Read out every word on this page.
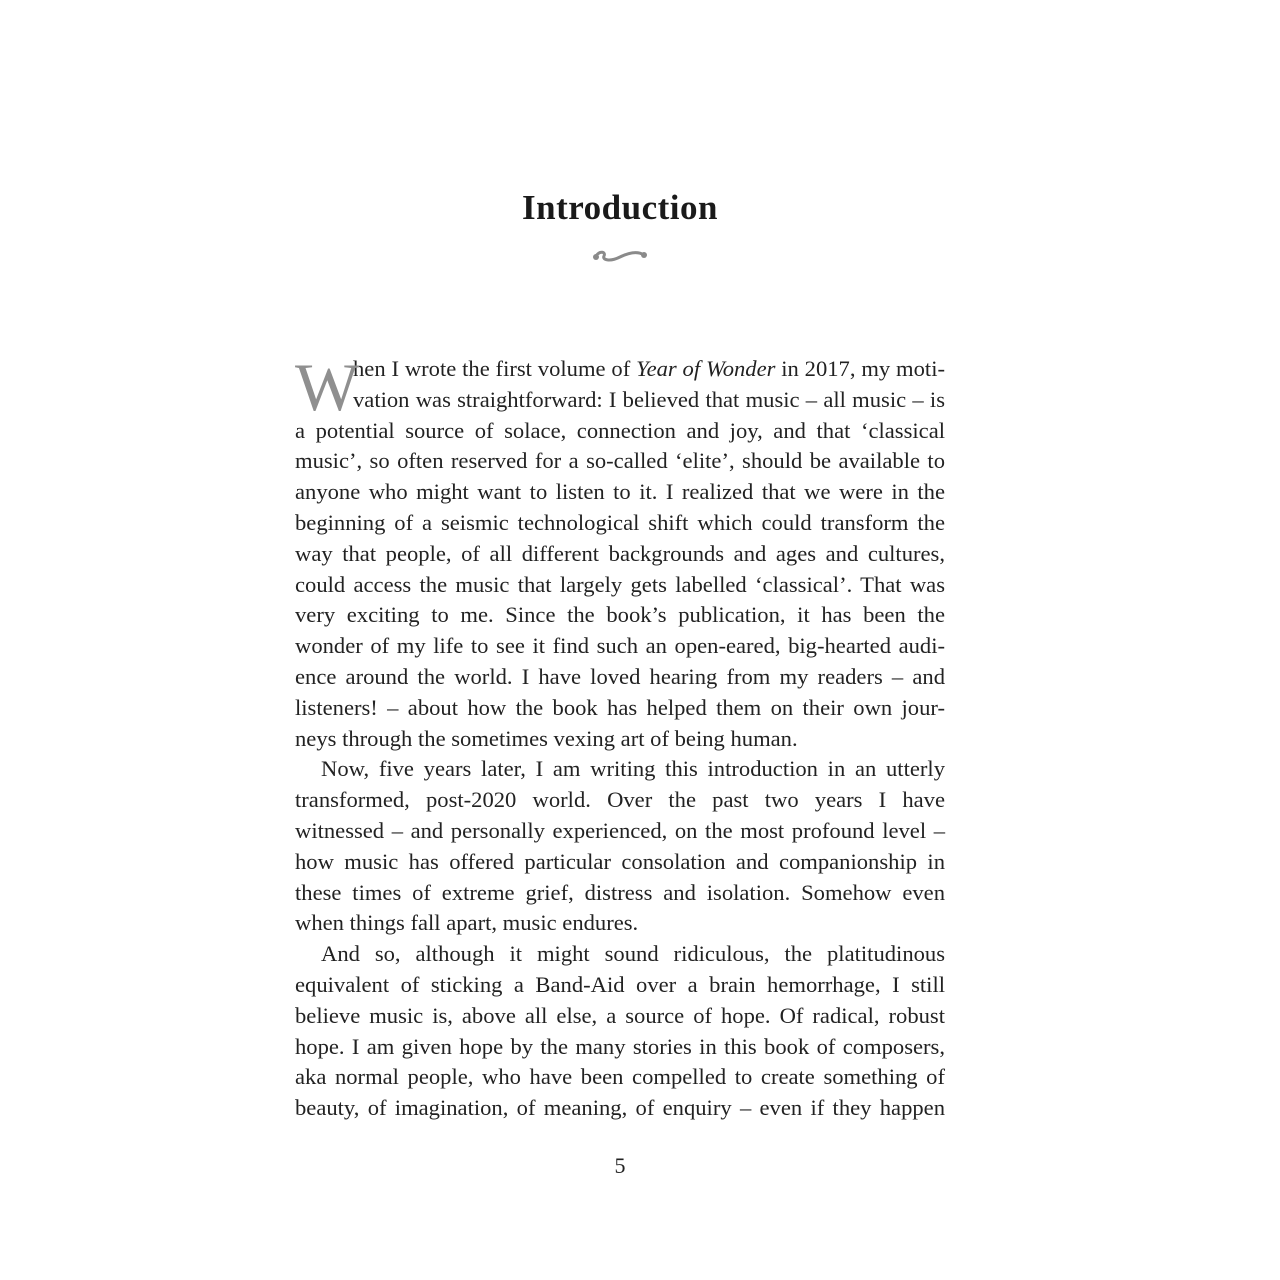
Introduction
W
hen I wrote the first volume of Year of Wonder in 2017, my moti-
vation was straightforward: I believed that music – all music – is
a potential source of solace, connection and joy, and that ‘classical
music’, so often reserved for a so-called ‘elite’, should be available to
anyone who might want to listen to it. I realized that we were in the
beginning of a seismic technological shift which could transform the
way that people, of all different backgrounds and ages and cultures,
could access the music that largely gets labelled ‘classical’. That was
very exciting to me. Since the book’s publication, it has been the
wonder of my life to see it find such an open-eared, big-hearted audi-
ence around the world. I have loved hearing from my readers – and
listeners! – about how the book has helped them on their own jour-
neys through the sometimes vexing art of being human.
Now, five years later, I am writing this introduction in an utterly
transformed, post-2020 world. Over the past two years I have
witnessed – and personally experienced, on the most profound level –
how music has offered particular consolation and companionship in
these times of extreme grief, distress and isolation. Somehow even
when things fall apart, music endures.
And so, although it might sound ridiculous, the platitudinous
equivalent of sticking a Band-Aid over a brain hemorrhage, I still
believe music is, above all else, a source of hope. Of radical, robust
hope. I am given hope by the many stories in this book of composers,
aka normal people, who have been compelled to create something of
beauty, of imagination, of meaning, of enquiry – even if they happen
5
